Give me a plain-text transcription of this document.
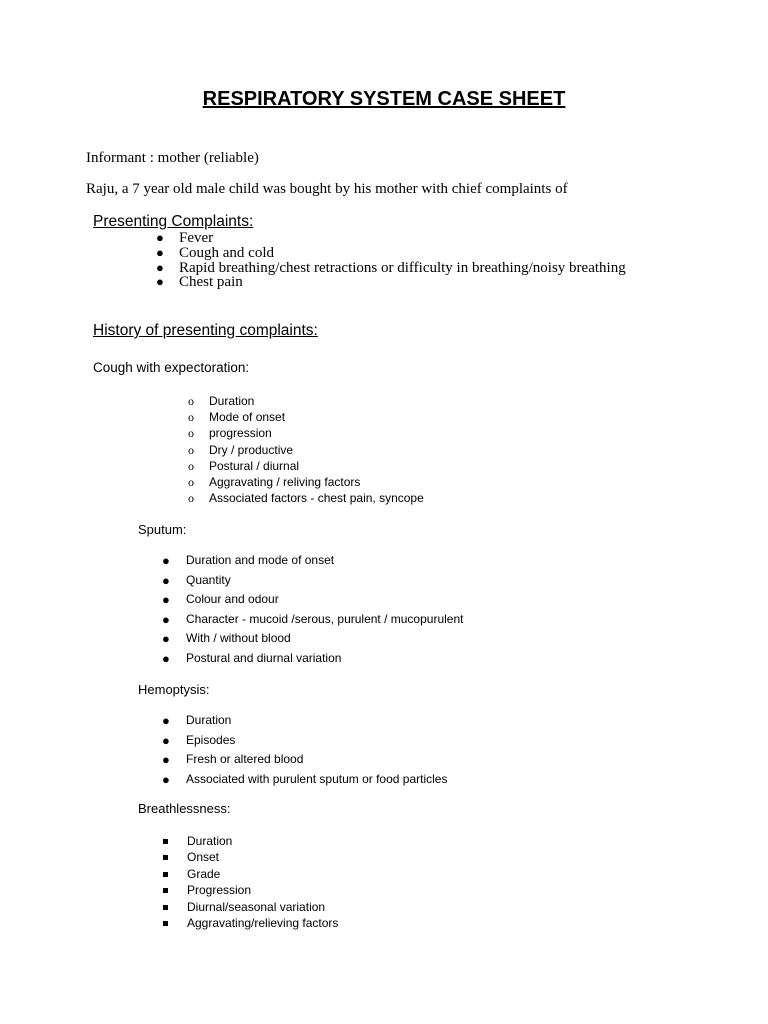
RESPIRATORY SYSTEM CASE SHEET
Informant : mother (reliable)
Raju, a 7 year old male child was bought by his mother with chief complaints of
Presenting Complaints:
● Fever
● Cough and cold
● Rapid breathing/chest retractions or difficulty in breathing/noisy breathing
● Chest pain
History of presenting complaints:
Cough with expectoration:
o Duration
o Mode of onset
o progression
o Dry / productive
o Postural / diurnal
o Aggravating / reliving factors
o Associated factors - chest pain, syncope
Sputum:
● Duration and mode of onset
● Quantity
● Colour and odour
● Character - mucoid /serous, purulent / mucopurulent
● With / without blood
● Postural and diurnal variation
Hemoptysis:
● Duration
● Episodes
● Fresh or altered blood
● Associated with purulent sputum or food particles
Breathlessness:
Duration
Onset
Grade
Progression
Diurnal/seasonal variation
Aggravating/relieving factors
